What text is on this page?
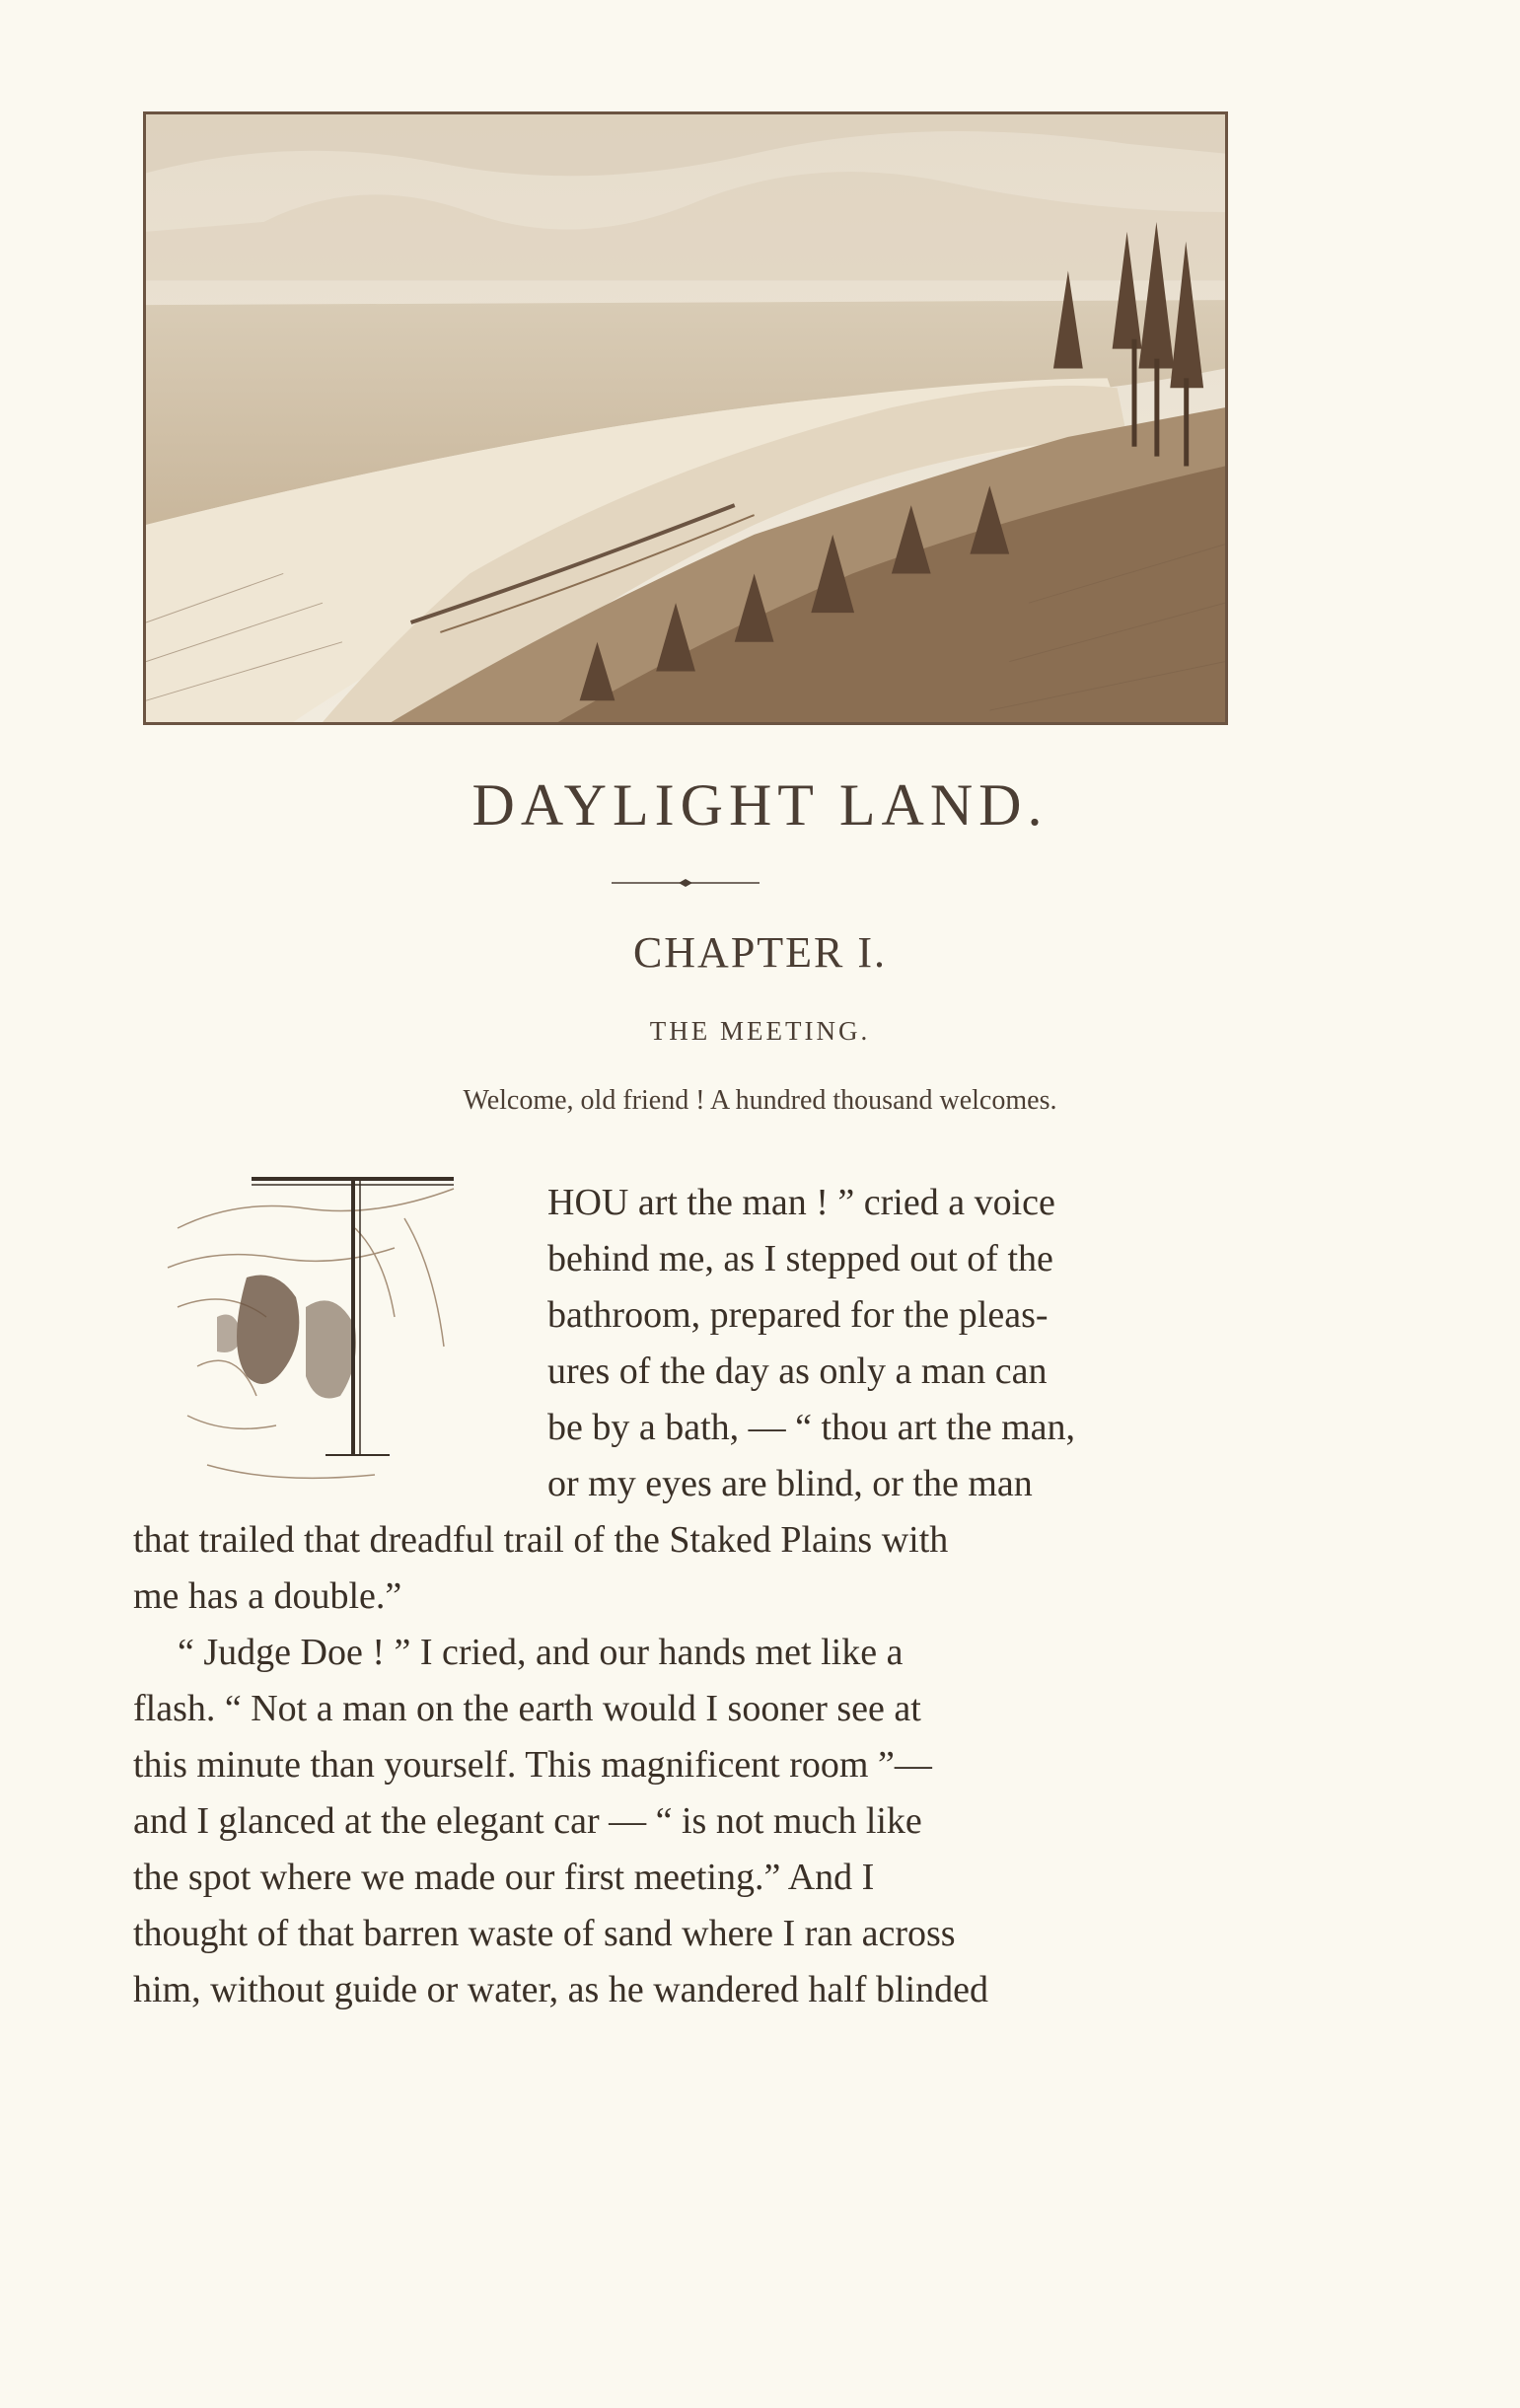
DAYLIGHT LAND.
CHAPTER I.
THE MEETING.
Welcome, old friend ! A hundred thousand welcomes.
HOU art the man ! ” cried a voice
behind me, as I stepped out of the
bathroom, prepared for the pleas-
ures of the day as only a man can
be by a bath, — “ thou art the man,
or my eyes are blind, or the man
that trailed that dreadful trail of the Staked Plains with
me has a double.”
“ Judge Doe ! ” I cried, and our hands met like a
flash. “ Not a man on the earth would I sooner see at
this minute than yourself. This magnificent room ”—
and I glanced at the elegant car — “ is not much like
the spot where we made our first meeting.” And I
thought of that barren waste of sand where I ran across
him, without guide or water, as he wandered half blinded
